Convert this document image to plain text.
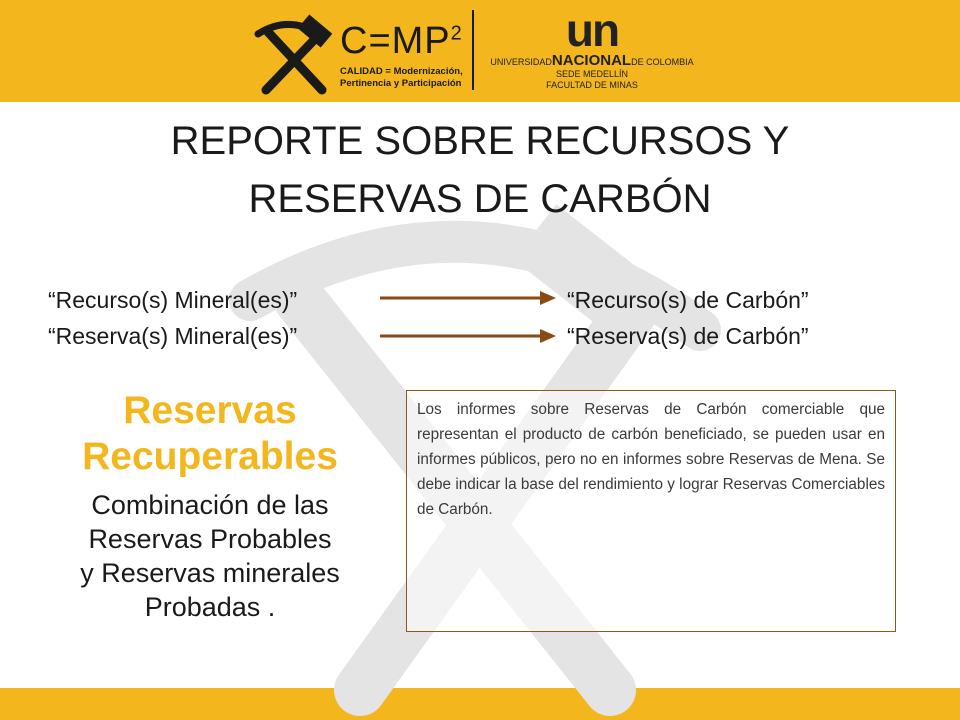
$C=MP^2$
CALIDAD = Modernización, Pertinencia y Participación
un
UNIVERSIDADNACIONALDE COLOMBIA
SEDE MEDELLÍN
FACULTAD DE MINAS
REPORTE SOBRE RECURSOS Y
RESERVAS DE CARBÓN
“Recurso(s) Mineral(es)”
“Reserva(s) Mineral(es)”
“Recurso(s) de Carbón”
“Reserva(s) de Carbón”
Reservas
Recuperables
Combinación de las
Reservas Probables
y Reservas minerales
Probadas .

Los informes sobre Reservas de Carbón comerciable que representan el producto de carbón beneficiado, se pueden usar en informes públicos, pero no en informes sobre Reservas de Mena. Se debe indicar la base del rendimiento y lograr Reservas Comerciables de Carbón.
